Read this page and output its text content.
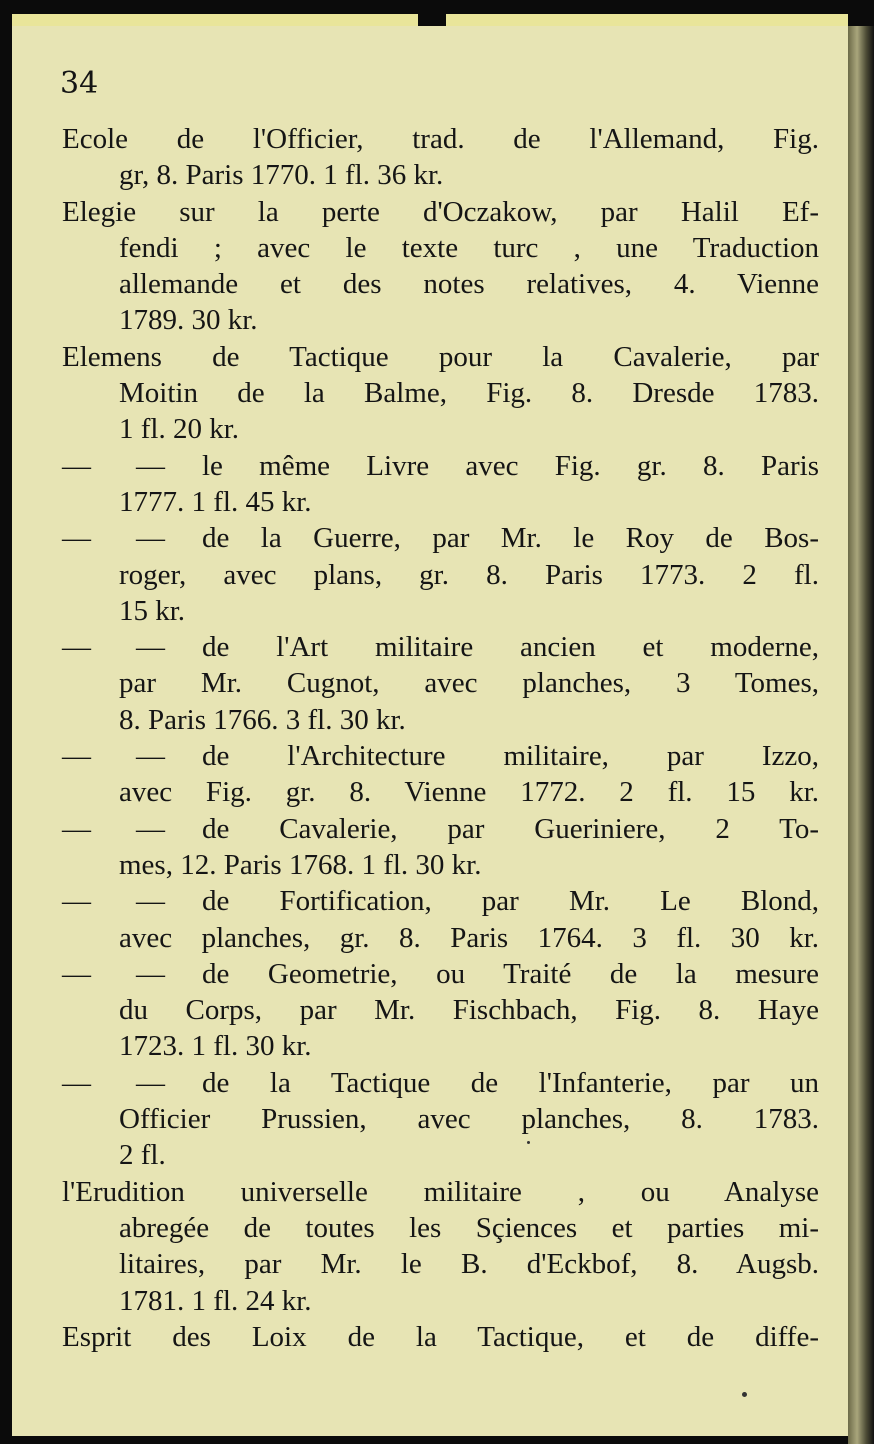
34
Ecole de l'Officier, trad. de l'Allemand, Fig.
gr, 8. Paris 1770. 1 fl. 36 kr.
Elegie sur la perte d'Oczakow, par Halil Ef-
fendi ; avec le texte turc , une Traduction
allemande et des notes relatives, 4. Vienne
1789. 30 kr.
Elemens de Tactique pour la Cavalerie, par
Moitin de la Balme, Fig. 8. Dresde 1783.
1 fl. 20 kr.
— —	le même Livre avec Fig. gr. 8. Paris
1777. 1 fl. 45 kr.
— —	de la Guerre, par Mr. le Roy de Bos-
roger, avec plans, gr. 8. Paris 1773. 2 fl.
15 kr.
— —	de l'Art militaire ancien et moderne,
par Mr. Cugnot, avec planches, 3 Tomes,
8. Paris 1766. 3 fl. 30 kr.
— —	de l'Architecture militaire, par Izzo,
avec Fig. gr. 8. Vienne 1772. 2 fl. 15 kr.
— —	de Cavalerie, par Gueriniere, 2 To-
mes, 12. Paris 1768. 1 fl. 30 kr.
— —	de Fortification, par Mr. Le Blond,
avec planches, gr. 8. Paris 1764. 3 fl. 30 kr.
— —	de Geometrie, ou Traité de la mesure
du Corps, par Mr. Fischbach, Fig. 8. Haye
1723. 1 fl. 30 kr.
— —	de la Tactique de l'Infanterie, par un
Officier Prussien, avec planches, 8. 1783.
2 fl.
l'Erudition universelle militaire , ou Analyse
abregée de toutes les Sçiences et parties mi-
litaires, par Mr. le B. d'Eckbof, 8. Augsb.
1781. 1 fl. 24 kr.
Esprit des Loix de la Tactique, et de diffe-
